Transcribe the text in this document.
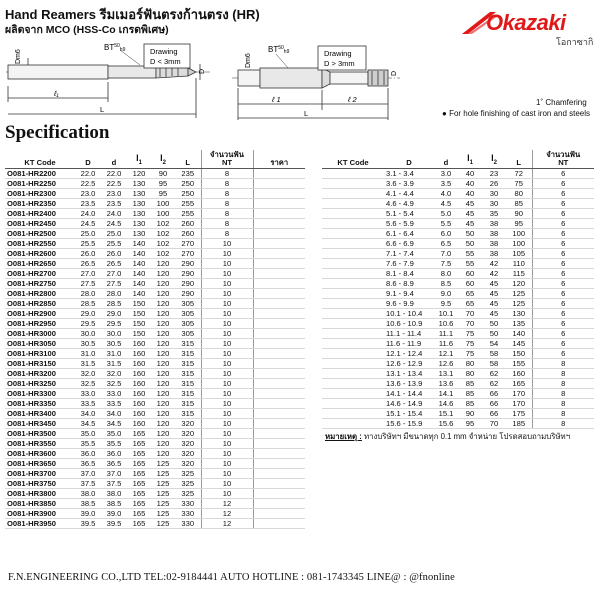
Hand Reamers รีมเมอร์ฟันตรงก้านตรง (HR)
ผลิตจาก MCO (HSS-Co เกรดพิเศษ)	Okazaki
โอกาซากิ
Dm6
$BT^{50}_{h9}$	Drawing
D < 3mm
ℓ₁
L
D
Dm6
$BT^{50}_{h9}$	Drawing
D > 3mm
ℓ 1	ℓ 2
L
D
1˚ Chamfering
● For hole finishing of cast iron and steels
Specification
KT Code	D	d	$l_1$	$l_2$	L	จำนวนฟัน
NT	ราคา
O081-HR2200	22.0	22.0	120	90	235	8	
O081-HR2250	22.5	22.5	130	95	250	8	
O081-HR2300	23.0	23.0	130	95	250	8	
O081-HR2350	23.5	23.5	130	100	255	8	
O081-HR2400	24.0	24.0	130	100	255	8	
O081-HR2450	24.5	24.5	130	102	260	8	
O081-HR2500	25.0	25.0	130	102	260	8	
O081-HR2550	25.5	25.5	140	102	270	10	
O081-HR2600	26.0	26.0	140	102	270	10	
O081-HR2650	26.5	26.5	140	120	290	10	
O081-HR2700	27.0	27.0	140	120	290	10	
O081-HR2750	27.5	27.5	140	120	290	10	
O081-HR2800	28.0	28.0	140	120	290	10	
O081-HR2850	28.5	28.5	150	120	305	10	
O081-HR2900	29.0	29.0	150	120	305	10	
O081-HR2950	29.5	29.5	150	120	305	10	
O081-HR3000	30.0	30.0	150	120	305	10	
O081-HR3050	30.5	30.5	160	120	315	10	
O081-HR3100	31.0	31.0	160	120	315	10	
O081-HR3150	31.5	31.5	160	120	315	10	
O081-HR3200	32.0	32.0	160	120	315	10	
O081-HR3250	32.5	32.5	160	120	315	10	
O081-HR3300	33.0	33.0	160	120	315	10	
O081-HR3350	33.5	33.5	160	120	315	10	
O081-HR3400	34.0	34.0	160	120	315	10	
O081-HR3450	34.5	34.5	160	120	320	10	
O081-HR3500	35.0	35.0	165	120	320	10	
O081-HR3550	35.5	35.5	165	120	320	10	
O081-HR3600	36.0	36.0	165	120	320	10	
O081-HR3650	36.5	36.5	165	125	320	10	
O081-HR3700	37.0	37.0	165	125	325	10	
O081-HR3750	37.5	37.5	165	125	325	10	
O081-HR3800	38.0	38.0	165	125	325	10	
O081-HR3850	38.5	38.5	165	125	330	12	
O081-HR3900	39.0	39.0	165	125	330	12	
O081-HR3950	39.5	39.5	165	125	330	12	
KT Code	D	d	$l_1$	$l_2$	L	จำนวนฟัน
NT

	3.1 - 3.4	3.0	40	23	72	6
	3.6 - 3.9	3.5	40	26	75	6
	4.1 - 4.4	4.0	40	30	80	6
	4.6 - 4.9	4.5	45	30	85	6
	5.1 - 5.4	5.0	45	35	90	6
	5.6 - 5.9	5.5	45	38	95	6
	6.1 - 6.4	6.0	50	38	100	6
	6.6 - 6.9	6.5	50	38	100	6
	7.1 - 7.4	7.0	55	38	105	6
	7.6 - 7.9	7.5	55	42	110	6
	8.1 - 8.4	8.0	60	42	115	6
	8.6 - 8.9	8.5	60	45	120	6
	9.1 - 9.4	9.0	65	45	125	6
	9.6 - 9.9	9.5	65	45	125	6
	10.1 - 10.4	10.1	70	45	130	6
	10.6 - 10.9	10.6	70	50	135	6
	11.1 - 11.4	11.1	75	50	140	6
	11.6 - 11.9	11.6	75	54	145	6
	12.1 - 12.4	12.1	75	58	150	6
	12.6 - 12.9	12.6	80	58	155	8
	13.1 - 13.4	13.1	80	62	160	8
	13.6 - 13.9	13.6	85	62	165	8
	14.1 - 14.4	14.1	85	66	170	8
	14.6 - 14.9	14.6	85	66	170	8
	15.1 - 15.4	15.1	90	66	175	8
	15.6 - 15.9	15.6	95	70	185	8
หมายเหตุ : ทางบริษัทฯ มีขนาดทุก 0.1 mm จำหน่าย โปรดสอบถามบริษัทฯ
F.N.ENGINEERING CO.,LTD TEL:02-9184441 AUTO HOTLINE : 081-1743345 LINE@ : @fnonline
